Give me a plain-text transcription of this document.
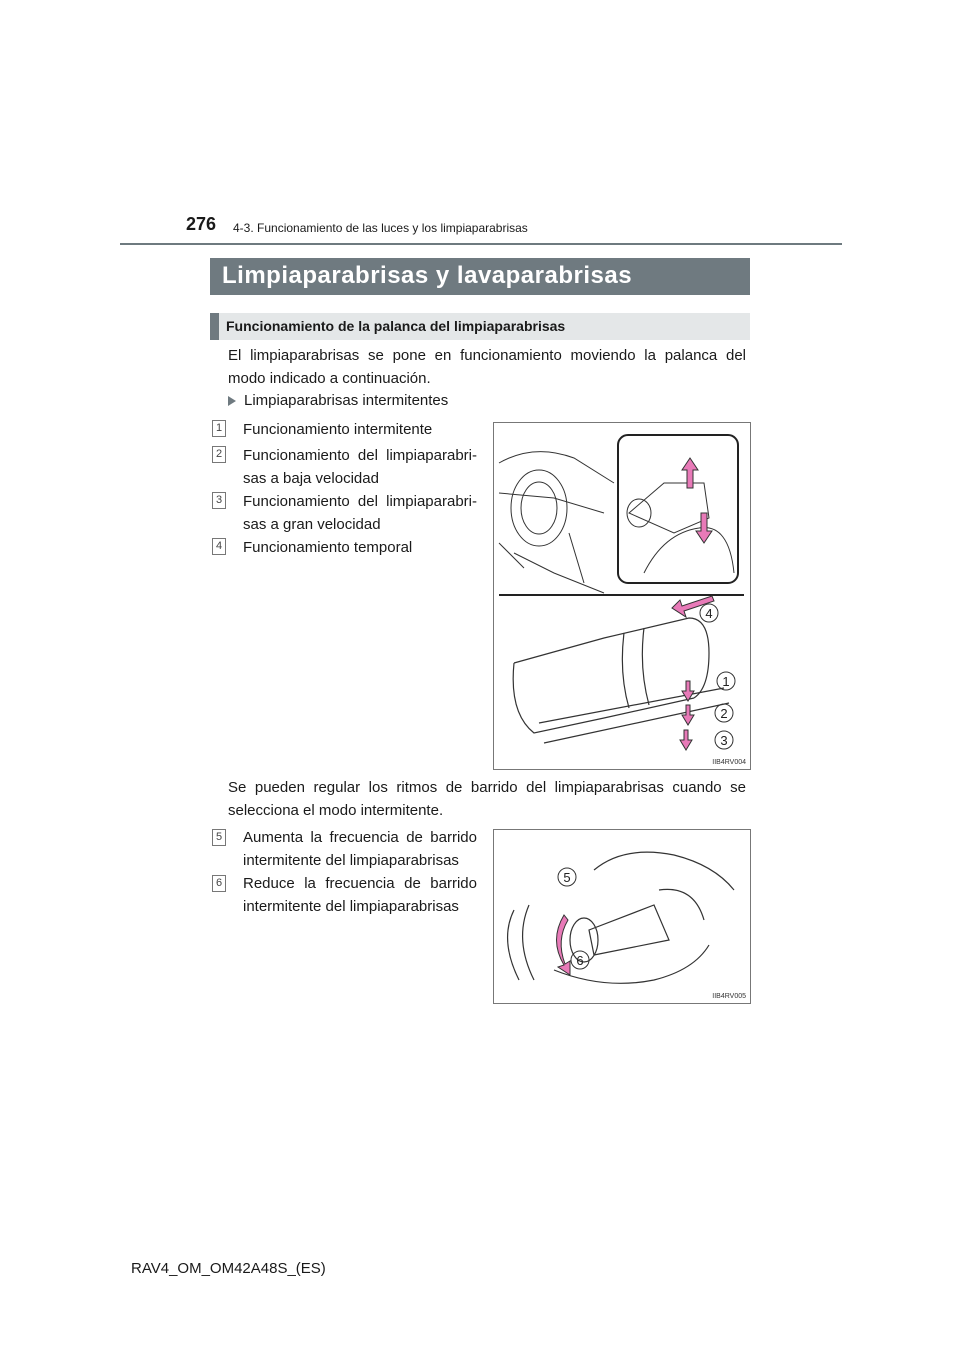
276 4-3. Funcionamiento de las luces y los limpiaparabrisas
Limpiaparabrisas y lavaparabrisas
Funcionamiento de la palanca del limpiaparabrisas
El limpiaparabrisas se pone en funcionamiento moviendo la palanca del modo indicado a continuación.
Limpiaparabrisas intermitentes
1 Funcionamiento intermitente
2 Funcionamiento del limpiaparabrisas a baja velocidad
3 Funcionamiento del limpiaparabrisas a gran velocidad
4 Funcionamiento temporal
4
1
2
3
IIB4RV004
Se pueden regular los ritmos de barrido del limpiaparabrisas cuando se selecciona el modo intermitente.
5 Aumenta la frecuencia de barrido intermitente del limpiaparabrisas
6 Reduce la frecuencia de barrido intermitente del limpiaparabrisas
5
6
IIB4RV005
RAV4_OM_OM42A48S_(ES)
